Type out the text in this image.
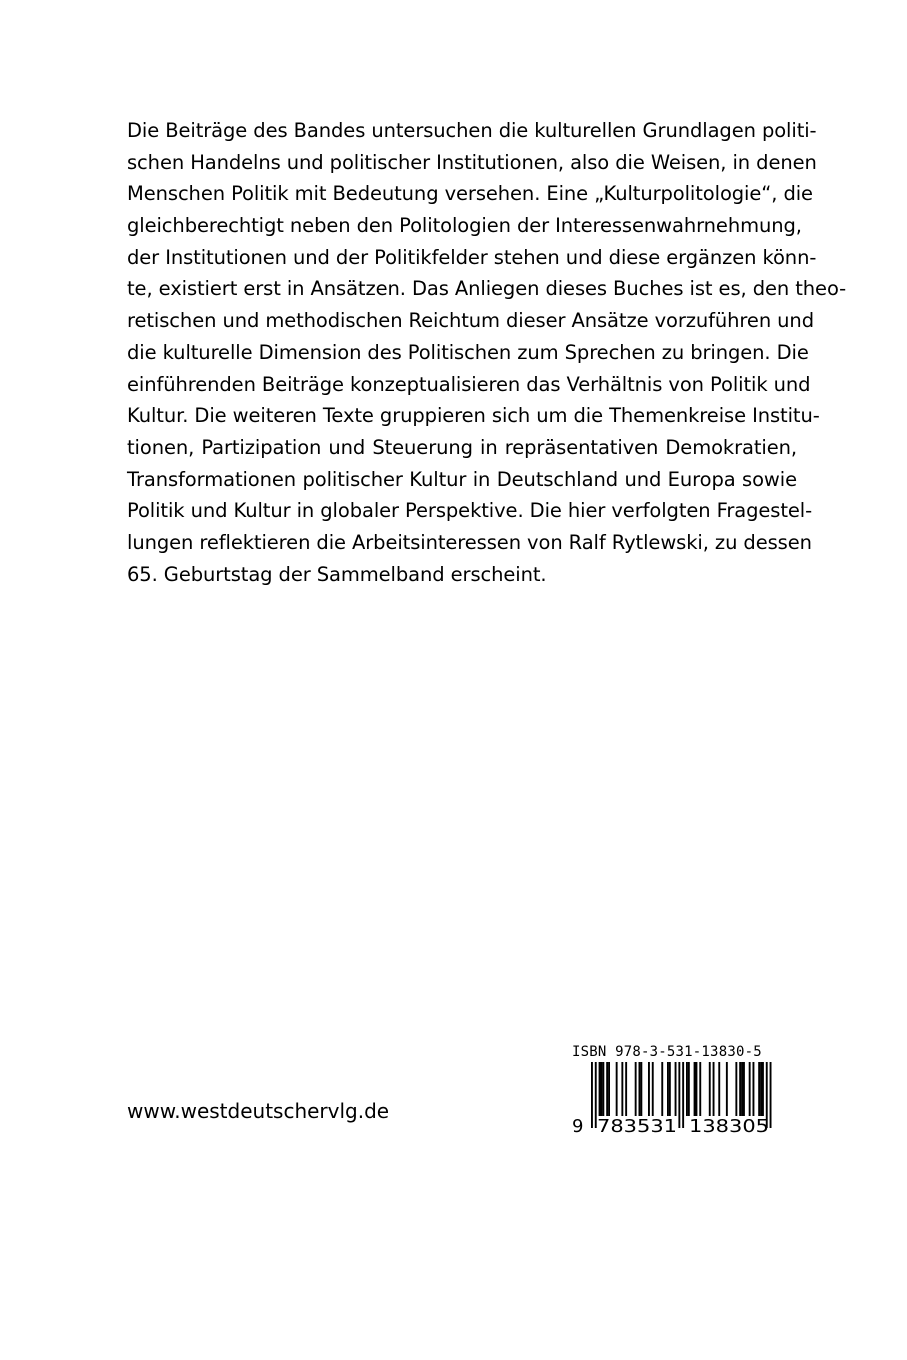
Die Beiträge des Bandes untersuchen die kulturellen Grundlagen politi-
schen Handelns und politischer Institutionen, also die Weisen, in denen
Menschen Politik mit Bedeutung versehen. Eine „Kulturpolitologie“, die
gleichberechtigt neben den Politologien der Interessenwahrnehmung,
der Institutionen und der Politikfelder stehen und diese ergänzen könn-
te, existiert erst in Ansätzen. Das Anliegen dieses Buches ist es, den theo-
retischen und methodischen Reichtum dieser Ansätze vorzuführen und
die kulturelle Dimension des Politischen zum Sprechen zu bringen. Die
einführenden Beiträge konzeptualisieren das Verhältnis von Politik und
Kultur. Die weiteren Texte gruppieren sich um die Themenkreise Institu-
tionen, Partizipation und Steuerung in repräsentativen Demokratien,
Transformationen politischer Kultur in Deutschland und Europa sowie
Politik und Kultur in globaler Perspektive. Die hier verfolgten Fragestel-
lungen reflektieren die Arbeitsinteressen von Ralf Rytlewski, zu dessen
65. Geburtstag der Sammelband erscheint.
www.westdeutschervlg.de
ISBN 978-3-531-13830-5
9 783531 138305
